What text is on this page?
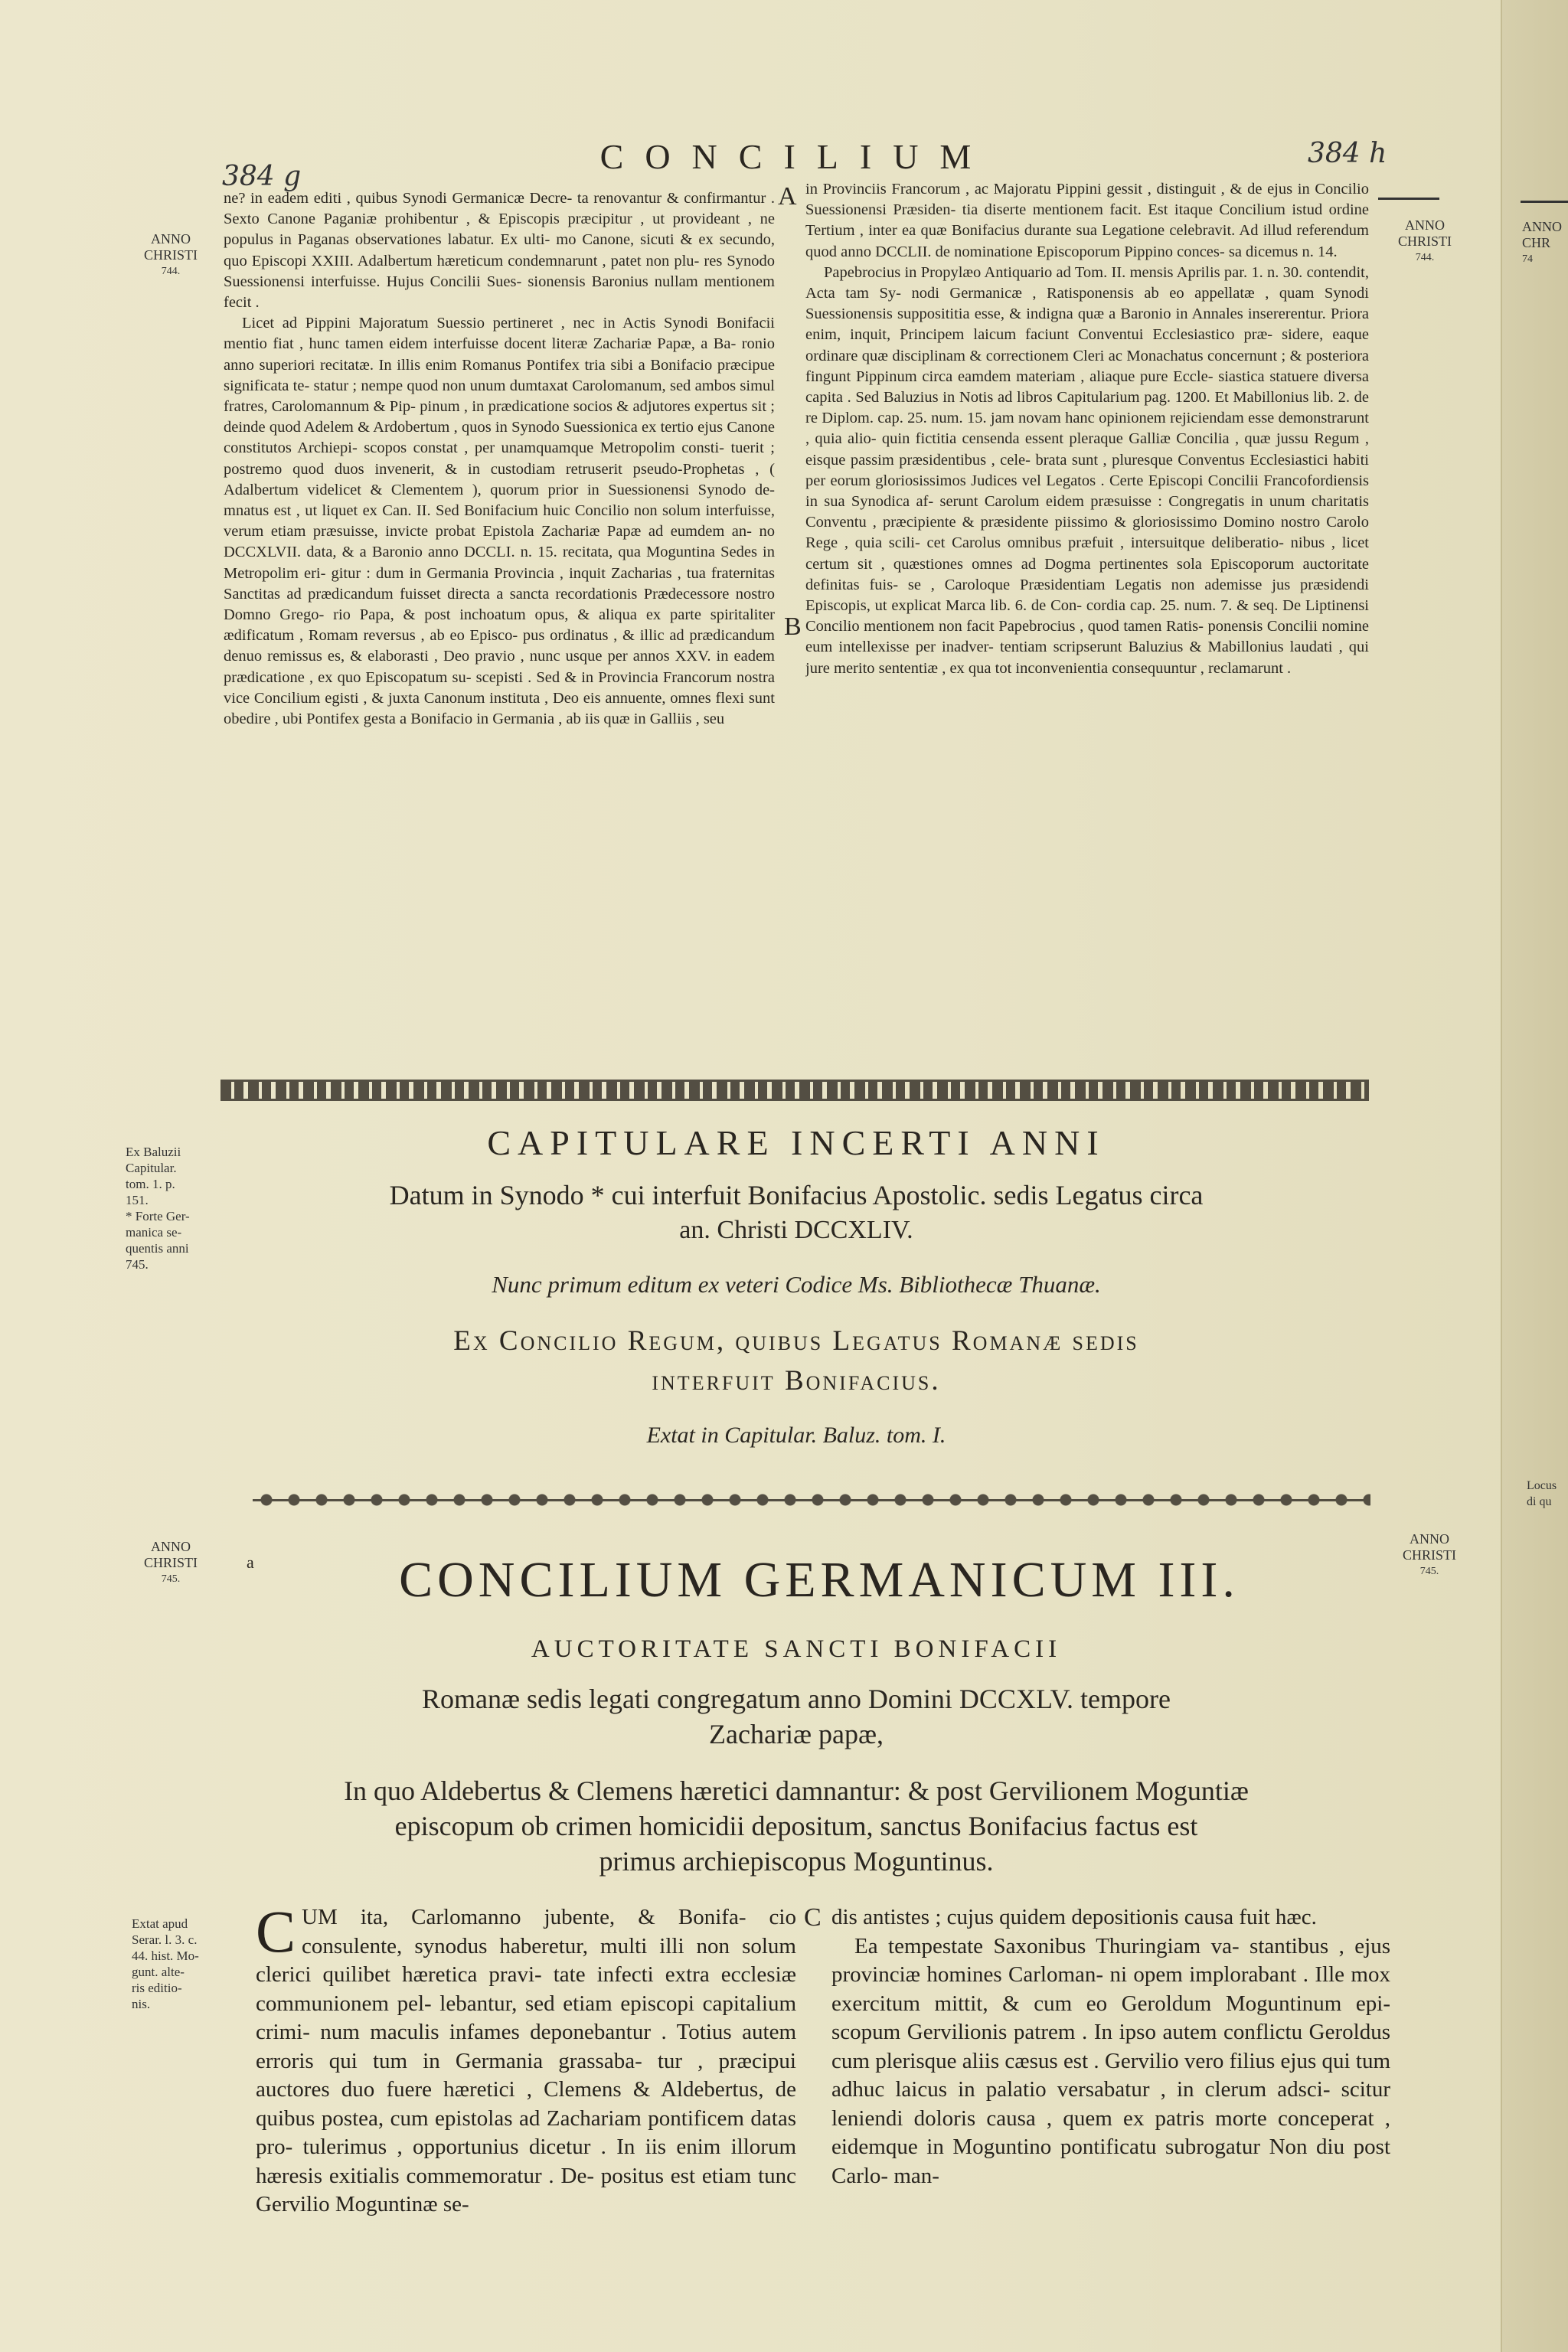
384 g
CONCILIUM	384 h
ANNO
CHRISTI
744.
ANNO
CHRISTI
744.
ANNO
CHR
74
A
B

ne? in eadem editi , quibus Synodi Germanicæ Decre- ta renovantur & confirmantur . Sexto Canone Paganiæ prohibentur , & Episcopis præcipitur , ut provideant , ne populus in Paganas observationes labatur. Ex ulti- mo Canone, sicuti & ex secundo, quo Episcopi XXIII. Adalbertum hæreticum condemnarunt , patet non plu- res Synodo Suessionensi interfuisse. Hujus Concilii Sues- sionensis Baronius nullam mentionem fecit .

Licet ad Pippini Majoratum Suessio pertineret , nec in Actis Synodi Bonifacii mentio fiat , hunc tamen eidem interfuisse docent literæ Zachariæ Papæ, a Ba- ronio anno superiori recitatæ. In illis enim Romanus Pontifex tria sibi a Bonifacio præcipue significata te- statur ; nempe quod non unum dumtaxat Carolomanum, sed ambos simul fratres, Carolomannum & Pip- pinum , in prædicatione socios & adjutores expertus sit ; deinde quod Adelem & Ardobertum , quos in Synodo Suessionica ex tertio ejus Canone constitutos Archiepi- scopos constat , per unamquamque Metropolim consti- tuerit ; postremo quod duos invenerit, & in custodiam retruserit pseudo-Prophetas , ( Adalbertum videlicet & Clementem ), quorum prior in Suessionensi Synodo de- mnatus est , ut liquet ex Can. II. Sed Bonifacium huic Concilio non solum interfuisse, verum etiam præsuisse, invicte probat Epistola Zachariæ Papæ ad eumdem an- no DCCXLVII. data, & a Baronio anno DCCLI. n. 15. recitata, qua Moguntina Sedes in Metropolim eri- gitur : dum in Germania Provincia , inquit Zacharias , tua fraternitas Sanctitas ad prædicandum fuisset directa a sancta recordationis Prædecessore nostro Domno Grego- rio Papa, & post inchoatum opus, & aliqua ex parte spiritaliter ædificatum , Romam reversus , ab eo Episco- pus ordinatus , & illic ad prædicandum denuo remissus es, & elaborasti , Deo pravio , nunc usque per annos XXV. in eadem prædicatione , ex quo Episcopatum su- scepisti . Sed & in Provincia Francorum nostra vice Concilium egisti , & juxta Canonum instituta , Deo eis annuente, omnes flexi sunt obedire , ubi Pontifex gesta a Bonifacio in Germania , ab iis quæ in Galliis , seu

in Provinciis Francorum , ac Majoratu Pippini gessit , distinguit , & de ejus in Concilio Suessionensi Præsiden- tia diserte mentionem facit. Est itaque Concilium istud ordine Tertium , inter ea quæ Bonifacius durante sua Legatione celebravit. Ad illud referendum quod anno DCCLII. de nominatione Episcoporum Pippino conces- sa dicemus n. 14.

Papebrocius in Propylæo Antiquario ad Tom. II. mensis Aprilis par. 1. n. 30. contendit, Acta tam Sy- nodi Germanicæ , Ratisponensis ab eo appellatæ , quam Synodi Suessionensis supposititia esse, & indigna quæ a Baronio in Annales insererentur. Priora enim, inquit, Principem laicum faciunt Conventui Ecclesiastico præ- sidere, eaque ordinare quæ disciplinam & correctionem Cleri ac Monachatus concernunt ; & posteriora fingunt Pippinum circa eamdem materiam , aliaque pure Eccle- siastica statuere diversa capita . Sed Baluzius in Notis ad libros Capitularium pag. 1200. Et Mabillonius lib. 2. de re Diplom. cap. 25. num. 15. jam novam hanc opinionem rejiciendam esse demonstrarunt , quia alio- quin fictitia censenda essent pleraque Galliæ Concilia , quæ jussu Regum , eisque passim præsidentibus , cele- brata sunt , pluresque Conventus Ecclesiastici habiti per eorum gloriosissimos Judices vel Legatos . Certe Episcopi Concilii Francofordiensis in sua Synodica af- serunt Carolum eidem præsuisse : Congregatis in unum charitatis Conventu , præcipiente & præsidente piissimo & gloriosissimo Domino nostro Carolo Rege , quia scili- cet Carolus omnibus præfuit , intersuitque deliberatio- nibus , licet certum sit , quæstiones omnes ad Dogma pertinentes sola Episcoporum auctoritate definitas fuis- se , Caroloque Præsidentiam Legatis non ademisse jus præsidendi Episcopis, ut explicat Marca lib. 6. de Con- cordia cap. 25. num. 7. & seq. De Liptinensi Concilio mentionem non facit Papebrocius , quod tamen Ratis- ponensis Concilii nomine eum intellexisse per inadver- tentiam scripserunt Baluzius & Mabillonius laudati , qui jure merito sententiæ , ex qua tot inconvenientia consequuntur , reclamarunt .

Ex Baluzii
Capitular.
tom. 1. p.
151.
* Forte Ger-
manica se-
quentis anni
745.
CAPITULARE INCERTI ANNI
Datum in Synodo * cui interfuit Bonifacius Apostolic. sedis Legatus circa
an. Christi DCCXLIV.
Nunc primum editum ex veteri Codice Ms. Bibliothecæ Thuanæ.
Ex Concilio Regum, quibus Legatus Romanæ sedis
interfuit Bonifacius.
Extat in Capitular. Baluz. tom. I.
Locus
di qu
ANNO
CHRISTI
745.
a
ANNO
CHRISTI
745.
CONCILIUM GERMANICUM III.
AUCTORITATE SANCTI BONIFACII
Romanæ sedis legati congregatum anno Domini DCCXLV. tempore
Zachariæ papæ,
In quo Aldebertus & Clemens hæretici damnantur: & post Gervilionem Moguntiæ
episcopum ob crimen homicidii depositum, sanctus Bonifacius factus est
primus archiepiscopus Moguntinus.
Extat apud
Serar. l. 3. c.
44. hist. Mo-
gunt. alte-
ris editio-
nis.
C UM ita, Carlomanno jubente, & Bonifa- cio consulente, synodus haberetur, multi illi non solum clerici quilibet hæretica pravi- tate infecti extra ecclesiæ communionem pel- lebantur, sed etiam episcopi capitalium crimi- num maculis infames deponebantur . Totius autem erroris qui tum in Germania grassaba- tur , præcipui auctores duo fuere hæretici , Clemens & Aldebertus, de quibus postea, cum epistolas ad Zachariam pontificem datas pro- tulerimus , opportunius dicetur . In iis enim illorum hæresis exitialis commemoratur . De- positus est etiam tunc Gervilio Moguntinæ se-
C dis antistes ; cujus quidem depositionis causa fuit hæc.

Ea tempestate Saxonibus Thuringiam va- stantibus , ejus provinciæ homines Carloman- ni opem implorabant . Ille mox exercitum mittit, & cum eo Geroldum Moguntinum epi- scopum Gervilionis patrem . In ipso autem conflictu Geroldus cum plerisque aliis cæsus est . Gervilio vero filius ejus qui tum adhuc laicus in palatio versabatur , in clerum adsci- scitur leniendi doloris causa , quem ex patris morte conceperat , eidemque in Moguntino pontificatu subrogatur Non diu post Carlo- man-
